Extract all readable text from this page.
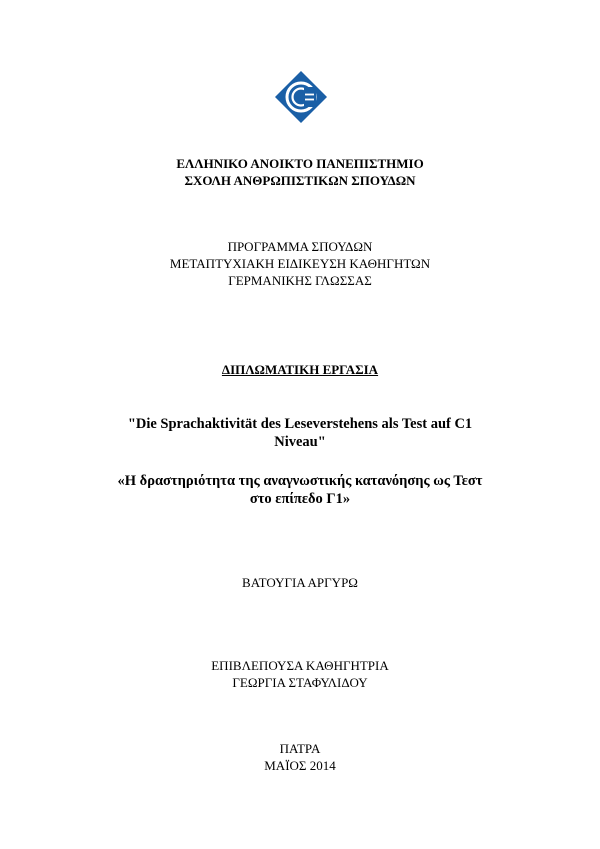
ΕΛΛΗΝΙΚΟ ΑΝΟΙΚΤΟ ΠΑΝΕΠΙΣΤΗΜΙΟ
ΣΧΟΛΗ ΑΝΘΡΩΠΙΣΤΙΚΩΝ ΣΠΟΥΔΩΝ
ΠΡΟΓΡΑΜΜΑ ΣΠΟΥΔΩΝ
ΜΕΤΑΠΤΥΧΙΑΚΗ ΕΙΔΙΚΕΥΣΗ ΚΑΘΗΓΗΤΩΝ
ΓΕΡΜΑΝΙΚΗΣ ΓΛΩΣΣΑΣ
ΔΙΠΛΩΜΑΤΙΚΗ ΕΡΓΑΣΙΑ
"Die Sprachaktivität des Leseverstehens als Test auf C1
Niveau"
«Η δραστηριότητα της αναγνωστικής κατανόησης ως Τεστ
στο επίπεδο Γ1»
ΒΑΤΟΥΓΙΑ ΑΡΓΥΡΩ
ΕΠΙΒΛΕΠΟΥΣΑ ΚΑΘΗΓΗΤΡΙΑ
ΓΕΩΡΓΙΑ ΣΤΑΦΥΛΙΔΟΥ
ΠΑΤΡΑ
ΜΑΪΟΣ 2014
